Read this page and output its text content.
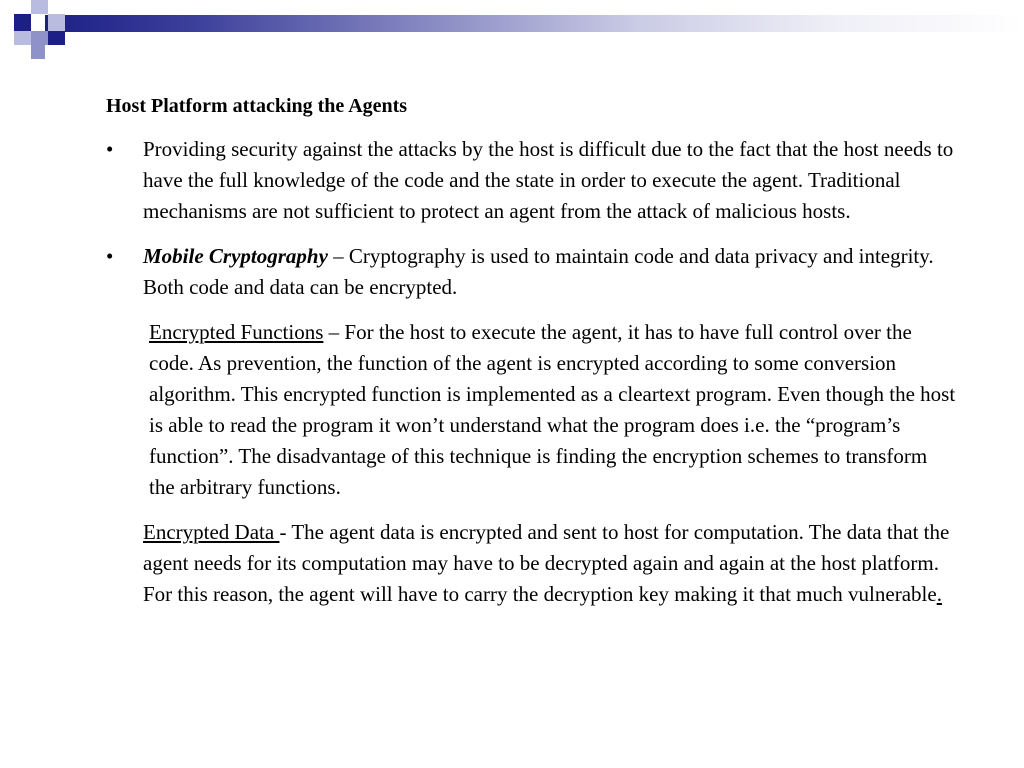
Host Platform attacking the Agents

• Providing security against the attacks by the host is difficult due to the fact that the host needs to have the full knowledge of the code and the state in order to execute the agent. Traditional mechanisms are not sufficient to protect an agent from the attack of malicious hosts.

• Mobile Cryptography – Cryptography is used to maintain code and data privacy and integrity. Both code and data can be encrypted.

Encrypted Functions – For the host to execute the agent, it has to have full control over the code. As prevention, the function of the agent is encrypted according to some conversion algorithm. This encrypted function is implemented as a cleartext program. Even though the host is able to read the program it won’t understand what the program does i.e. the “program’s function”. The disadvantage of this technique is finding the encryption schemes to transform the arbitrary functions.

Encrypted Data - The agent data is encrypted and sent to host for computation. The data that the agent needs for its computation may have to be decrypted again and again at the host platform. For this reason, the agent will have to carry the decryption key making it that much vulnerable.
